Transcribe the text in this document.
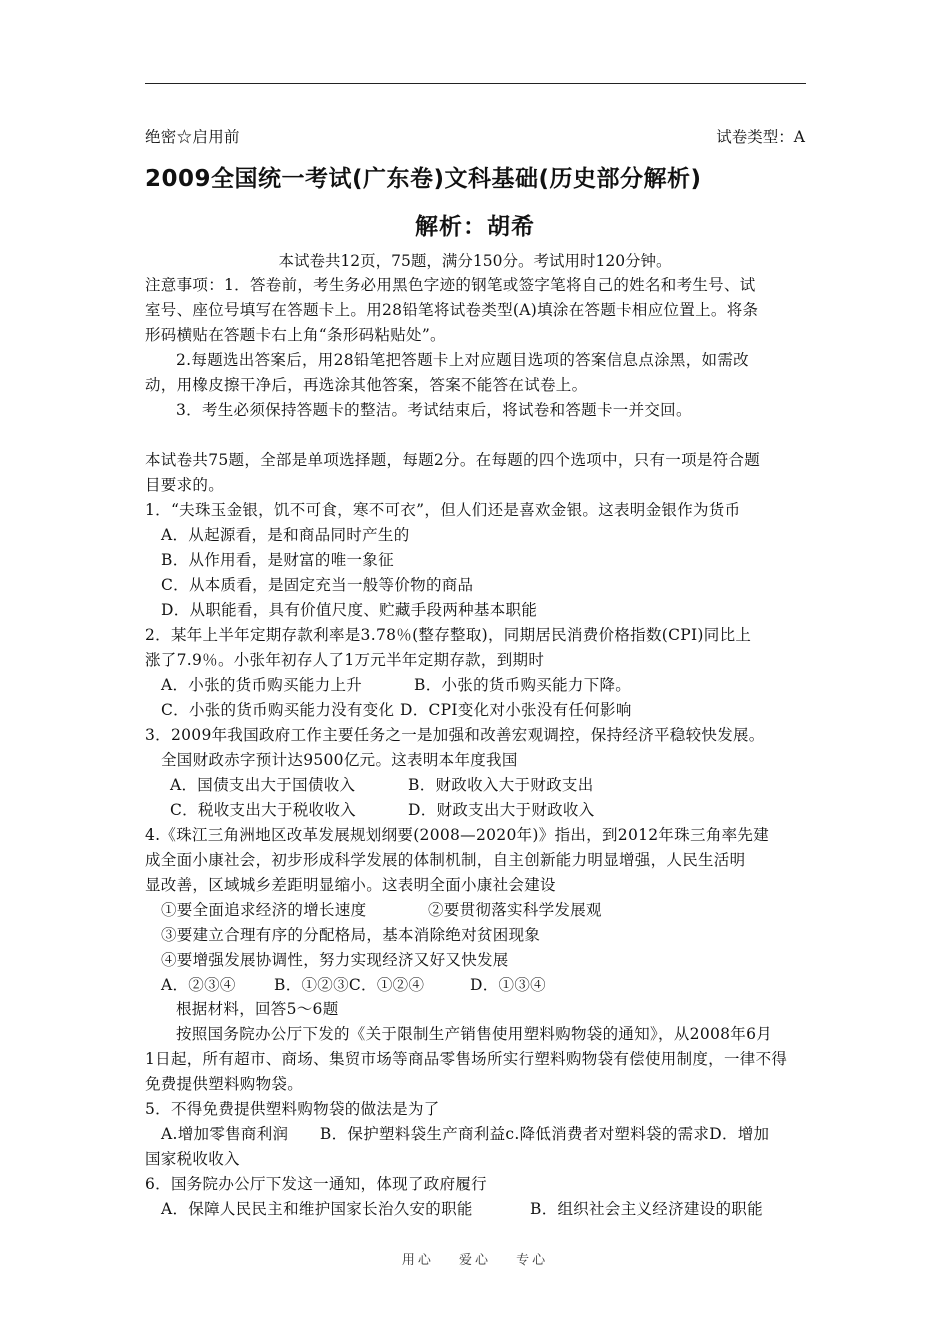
绝密☆启用前	试卷类型：A
2009全国统一考试(广东卷)文科基础(历史部分解析)
解析：胡希
本试卷共12页，75题，满分150分。考试用时120分钟。
注意事项：1．答卷前，考生务必用黑色字迹的钢笔或签字笔将自己的姓名和考生号、试
室号、座位号填写在答题卡上。用28铅笔将试卷类型(A)填涂在答题卡相应位置上。将条
形码横贴在答题卡右上角“条形码粘贴处”。
2.每题选出答案后，用28铅笔把答题卡上对应题目选项的答案信息点涂黑，如需改
动，用橡皮擦干净后，再选涂其他答案，答案不能答在试卷上。
3．考生必须保持答题卡的整洁。考试结束后，将试卷和答题卡一并交回。
本试卷共75题，全部是单项选择题，每题2分。在每题的四个选项中，只有一项是符合题
目要求的。
1．“夫珠玉金银，饥不可食，寒不可衣”，但人们还是喜欢金银。这表明金银作为货币
A．从起源看，是和商品同时产生的
B．从作用看，是财富的唯一象征
C．从本质看，是固定充当一般等价物的商品
D．从职能看，具有价值尺度、贮藏手段两种基本职能
2．某年上半年定期存款利率是3.78％(整存整取)，同期居民消费价格指数(CPI)同比上
涨了7.9％。小张年初存人了1万元半年定期存款，到期时
A．小张的货币购买能力上升	B．小张的货币购买能力下降。
C．小张的货币购买能力没有变化 D．CPI变化对小张没有任何影响
3．2009年我国政府工作主要任务之一是加强和改善宏观调控，保持经济平稳较快发展。
全国财政赤字预计达9500亿元。这表明本年度我国
A．国债支出大于国债收入	B．财政收入大于财政支出
C．税收支出大于税收收入	D．财政支出大于财政收入
4.《珠江三角洲地区改革发展规划纲要(2008—2020年)》指出，到2012年珠三角率先建
成全面小康社会，初步形成科学发展的体制机制，自主创新能力明显增强，人民生活明
显改善，区域城乡差距明显缩小。这表明全面小康社会建设
①要全面追求经济的增长速度	②要贯彻落实科学发展观
③要建立合理有序的分配格局，基本消除绝对贫困现象
④要增强发展协调性，努力实现经济又好又快发展
A．②③④ B．①②③C．①②④	D．①③④
根据材料，回答5～6题
按照国务院办公厅下发的《关于限制生产销售使用塑料购物袋的通知》，从2008年6月
1日起，所有超市、商场、集贸市场等商品零售场所实行塑料购物袋有偿使用制度，一律不得
免费提供塑料购物袋。
5．不得免费提供塑料购物袋的做法是为了
A.增加零售商利润　　B．保护塑料袋生产商利益c.降低消费者对塑料袋的需求D．增加
国家税收收入
6．国务院办公厅下发这一通知，体现了政府履行
A．保障人民民主和维护国家长治久安的职能	B．组织社会主义经济建设的职能
用心 爱心 专心
